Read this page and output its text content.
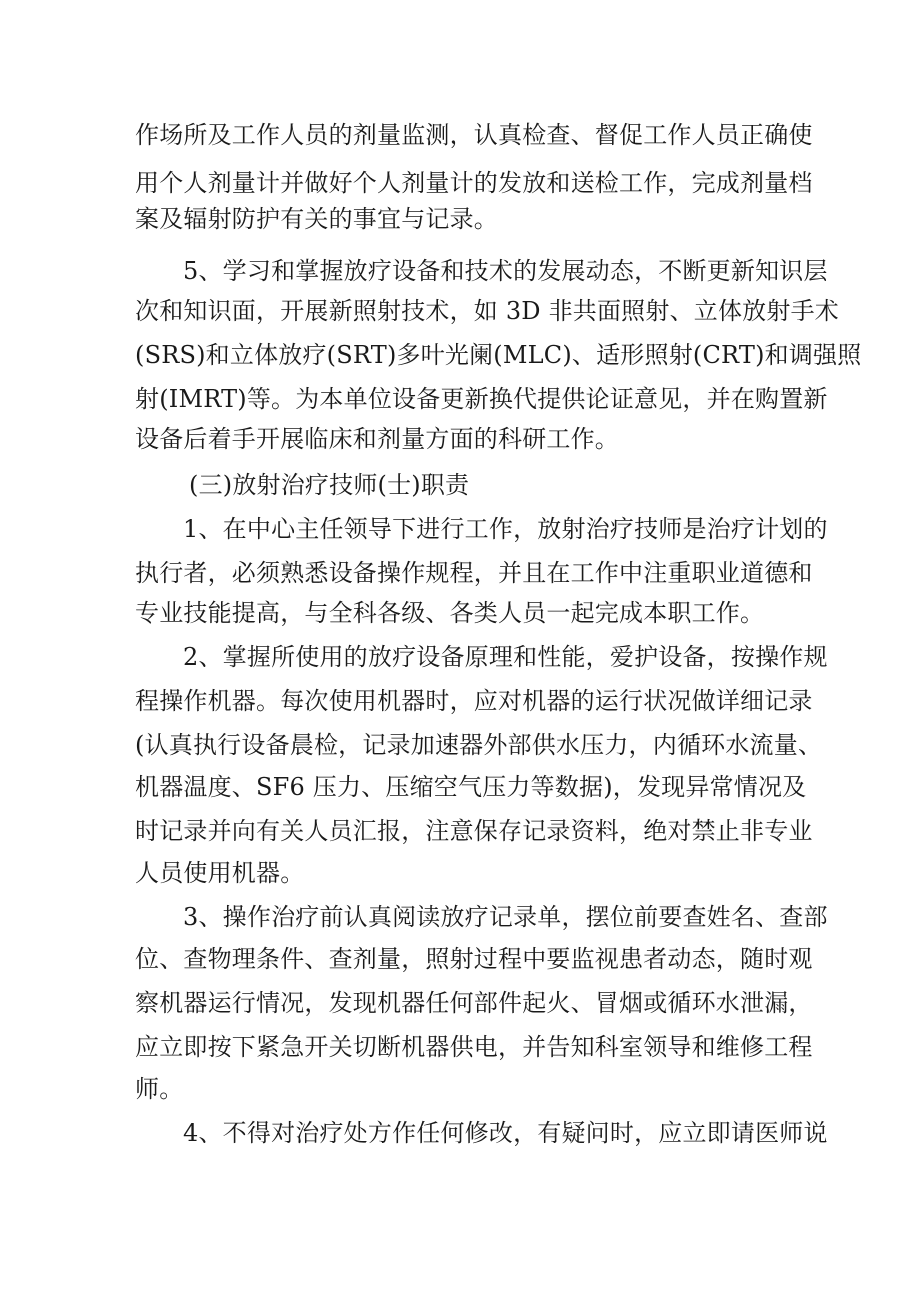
作场所及工作人员的剂量监测，认真检查、督促工作人员正确使
用个人剂量计并做好个人剂量计的发放和送检工作，完成剂量档
案及辐射防护有关的事宜与记录。
5、学习和掌握放疗设备和技术的发展动态，不断更新知识层
次和知识面，开展新照射技术，如 3D 非共面照射、立体放射手术
(SRS)和立体放疗(SRT)多叶光阑(MLC)、适形照射(CRT)和调强照
射(IMRT)等。为本单位设备更新换代提供论证意见，并在购置新
设备后着手开展临床和剂量方面的科研工作。
(三)放射治疗技师(士)职责
1、在中心主任领导下进行工作，放射治疗技师是治疗计划的
执行者，必须熟悉设备操作规程，并且在工作中注重职业道德和
专业技能提高，与全科各级、各类人员一起完成本职工作。
2、掌握所使用的放疗设备原理和性能，爱护设备，按操作规
程操作机器。每次使用机器时，应对机器的运行状况做详细记录
(认真执行设备晨检，记录加速器外部供水压力，内循环水流量、
机器温度、SF6 压力、压缩空气压力等数据)，发现异常情况及
时记录并向有关人员汇报，注意保存记录资料，绝对禁止非专业
人员使用机器。
3、操作治疗前认真阅读放疗记录单，摆位前要查姓名、查部
位、查物理条件、查剂量，照射过程中要监视患者动态，随时观
察机器运行情况，发现机器任何部件起火、冒烟或循环水泄漏，
应立即按下紧急开关切断机器供电，并告知科室领导和维修工程
师。
4、不得对治疗处方作任何修改，有疑问时，应立即请医师说
